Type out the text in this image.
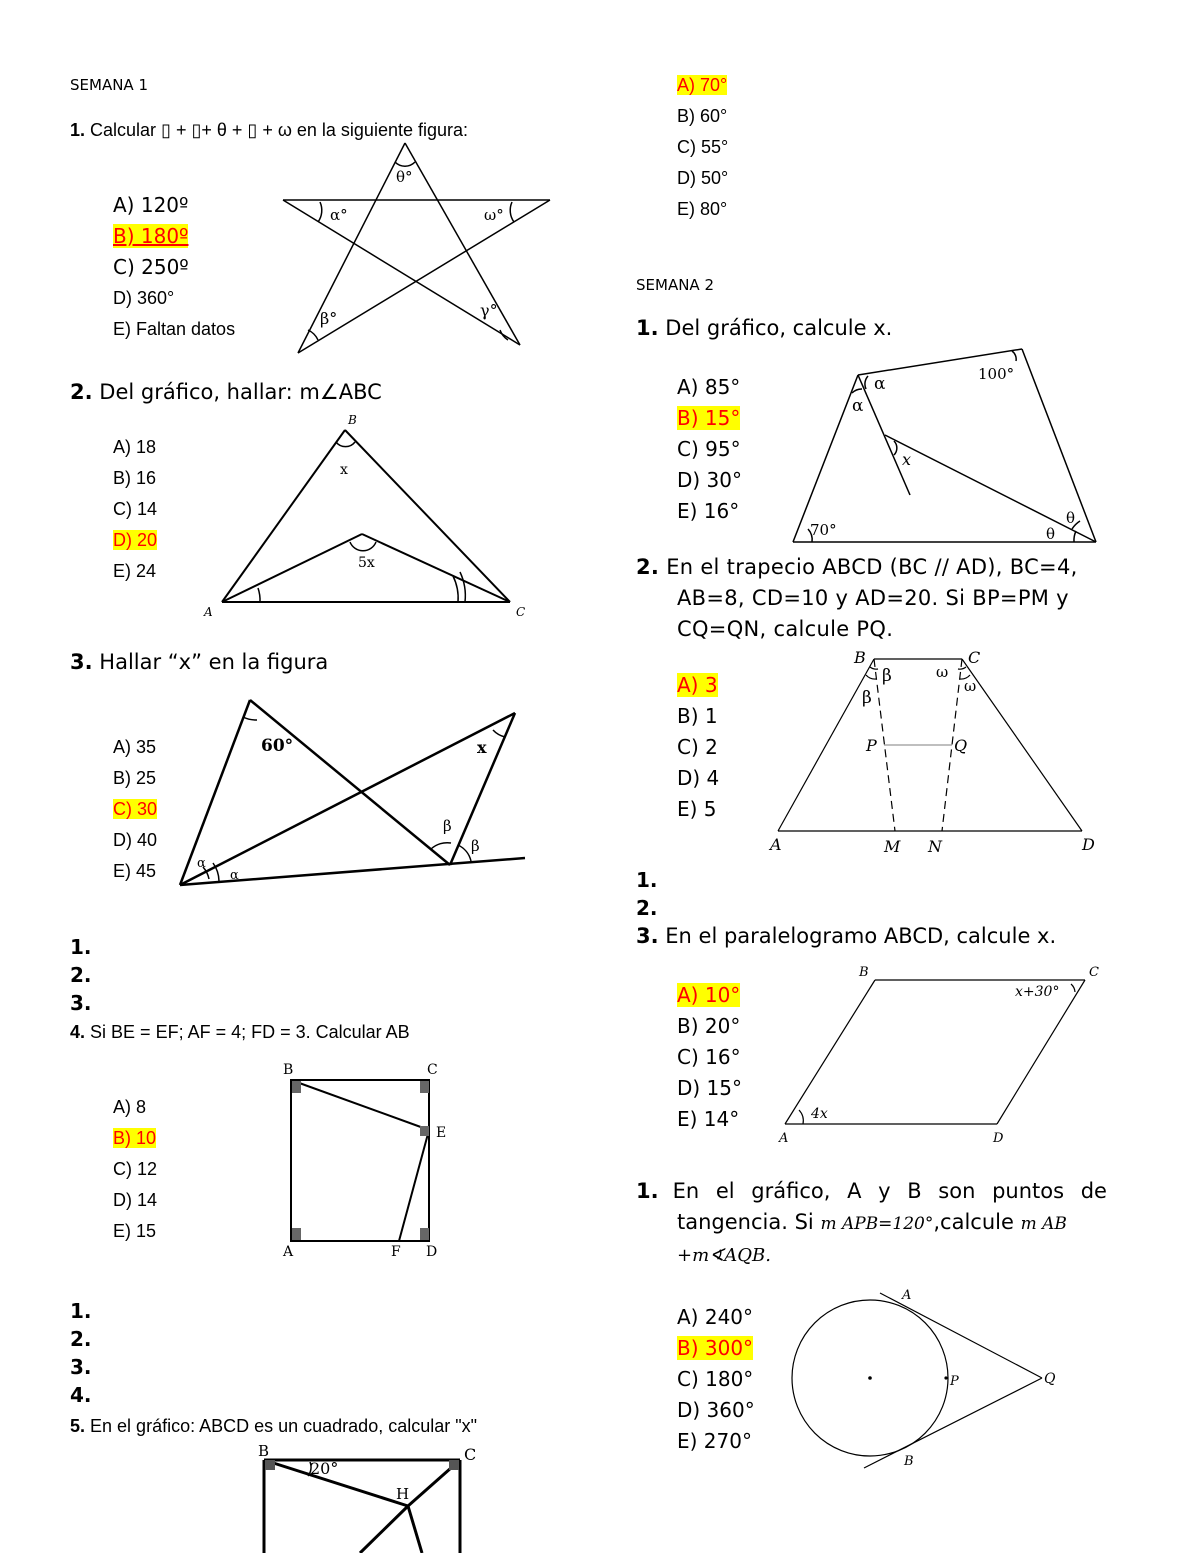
SEMANA 1
1. Calcular ▯ + ▯+ θ + ▯ + ω en la siguiente figura:
A) 120º
B) 180º
C) 250º
D) 360°
E) Faltan datos
θ°
α°	ω°
β°	γ°
2. Del gráfico, hallar: m∠ABC
A) 18
B) 16
C) 14
D) 20
E) 24
B
A	C
x
5x
3. Hallar “x” en la figura
A) 35
B) 25
C) 30
D) 40
E) 45
60°	x
α
α
β
β
1.
2.
3.
4. Si BE = EF; AF = 4; FD = 3. Calcular AB
A) 8
B) 10
C) 12
D) 14
E) 15
B	C
E
A	F D
1.
2.
3.
4.
5. En el gráfico: ABCD es un cuadrado, calcular "x"
B	C
20°
H
A) 70°
B) 60°
C) 55°
D) 50°
E) 80°
SEMANA 2
1. Del gráfico, calcule x.
A) 85°
B) 15°
C) 95°
D) 30°
E) 16°
α
α
100°
x
70°	θ
θ
2. En el trapecio ABCD (BC // AD), BC=4,
AB=8, CD=10 y AD=20. Si BP=PM y
CQ=QN, calcule PQ.
A) 3
B) 1
C) 2
D) 4
E) 5
B	C
β
β
ω
ω
P	Q
A	M N	D
1.
2.
3. En el paralelogramo ABCD, calcule x.
A) 10°
B) 20°
C) 16°
D) 15°
E) 14°
B	C
x+30°
4x
A	D
1. En el gráfico, A y B son puntos de
tangencia. Si m APB=120°,calcule m AB
+m∢AQB.
A) 240°
B) 300°
C) 180°
D) 360°
E) 270°
A
P	Q
B
